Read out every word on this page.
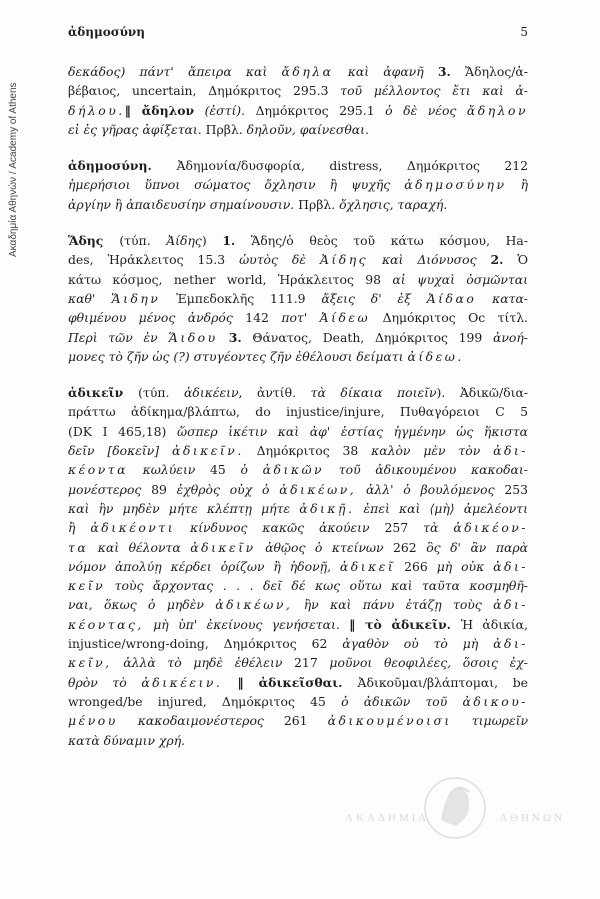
Ακαδημία Αθηνών / Academy of Athens
ἀδημοσύνη	5

δεκάδος) πάντ' ἄπειρα καὶ ἄδηλα καὶ ἀφανῆ 3. Ἄδηλος/ἀ-
βέβαιος, uncertain, Δημόκριτος 295.3 τοῦ μέλλοντος ἔτι καὶ ἀ-
δήλου.‖ ἄδηλον (ἐστί). Δημόκριτος 295.1 ὁ δὲ νέος ἄδηλον
εἰ ἐς γῆρας ἀφίξεται. Πρβλ. δηλοῦν, φαίνεσθαι.

ἀδημοσύνη. Ἀδημονία/δυσφορία, distress, Δημόκριτος 212
ἡμερήσιοι ὕπνοι σώματος ὄχλησιν ἢ ψυχῆς ἀδημοσύνην ἢ
ἀργίην ἢ ἀπαιδευσίην σημαίνουσιν. Πρβλ. ὄχλησις, ταραχή.

Ἅδης (τύπ. Ἀίδης) 1. Ἅδης/ὁ θεὸς τοῦ κάτω κόσμου, Ha-
des, Ἡράκλειτος 15.3 ὡυτὸς δὲ Ἀίδης καὶ Διόνυσος 2. Ὁ
κάτω κόσμος, nether world, Ἡράκλειτος 98 αἱ ψυχαὶ ὀσμῶνται
καθ' Ἅιδην Ἐμπεδοκλῆς 111.9 ἄξεις δ' ἐξ Ἀίδαο κατα-
φθιμένου μένος ἀνδρός 142 ποτ' Ἀίδεω Δημόκριτος Oc τίτλ.
Περὶ τῶν ἐν Ἅιδου 3. Θάνατος, Death, Δημόκριτος 199 ἀνοή-
μονες τὸ ζῆν ὡς (?) στυγέοντες ζῆν ἐθέλουσι δείματι ἀίδεω.

ἀδικεῖν (τύπ. ἀδικέειν, ἀντίθ. τὰ δίκαια ποιεῖν). Ἀδικῶ/δια-
πράττω ἀδίκημα/βλάπτω, do injustice/injure, Πυθαγόρειοι C 5
(DK I 465,18) ὥσπερ ἱκέτιν καὶ ἀφ' ἑστίας ἡγμένην ὡς ἥκιστα
δεῖν [δοκεῖν] ἀδικεῖν. Δημόκριτος 38 καλὸν μὲν τὸν ἀδι-
κέοντα κωλύειν 45 ὁ ἀδικῶν τοῦ ἀδικουμένου κακοδαι-
μονέστερος 89 ἐχθρὸς οὐχ ὁ ἀδικέων, ἀλλ' ὁ βουλόμενος 253
καὶ ἣν μηδὲν μήτε κλέπτῃ μήτε ἀδικῇ. ἐπεὶ καὶ ⟨μὴ⟩ ἀμελέοντι
ἢ ἀδικέοντι κίνδυνος κακῶς ἀκούειν 257 τὰ ἀδικέον-
τα καὶ θέλοντα ἀδικεῖν ἀθῷος ὁ κτείνων 262 ὃς δ' ἂν παρὰ
νόμον ἀπολύῃ κέρδει ὁρίζων ἢ ἡδονῇ, ἀδικεῖ 266 μὴ οὐκ ἀδι-
κεῖν τοὺς ἄρχοντας . . . δεῖ δέ κως οὕτω καὶ ταῦτα κοσμηθῆ-
ναι, ὅκως ὁ μηδὲν ἀδικέων, ἢν καὶ πάνυ ἐτάζῃ τοὺς ἀδι-
κέοντας, μὴ ὑπ' ἐκείνους γενήσεται. ‖ τὸ ἀδικεῖν. Ἡ ἀδικία,
injustice/wrong-doing, Δημόκριτος 62 ἀγαθὸν οὐ τὸ μὴ ἀδι-
κεῖν, ἀλλὰ τὸ μηδὲ ἐθέλειν 217 μοῦνοι θεοφιλέες, ὅσοις ἐχ-
θρὸν τὸ ἀδικέειν. ‖ ἀδικεῖσθαι. Ἀδικοῦμαι/βλάπτομαι, be
wronged/be injured, Δημόκριτος 45 ὁ ἀδικῶν τοῦ ἀδικου-
μένου κακοδαιμονέστερος 261 ἀδικουμένοισι τιμωρεῖν
κατὰ δύναμιν χρή.

ΑΚΑΔΗΜΙΑ	ΑΘΗΝΩΝ
